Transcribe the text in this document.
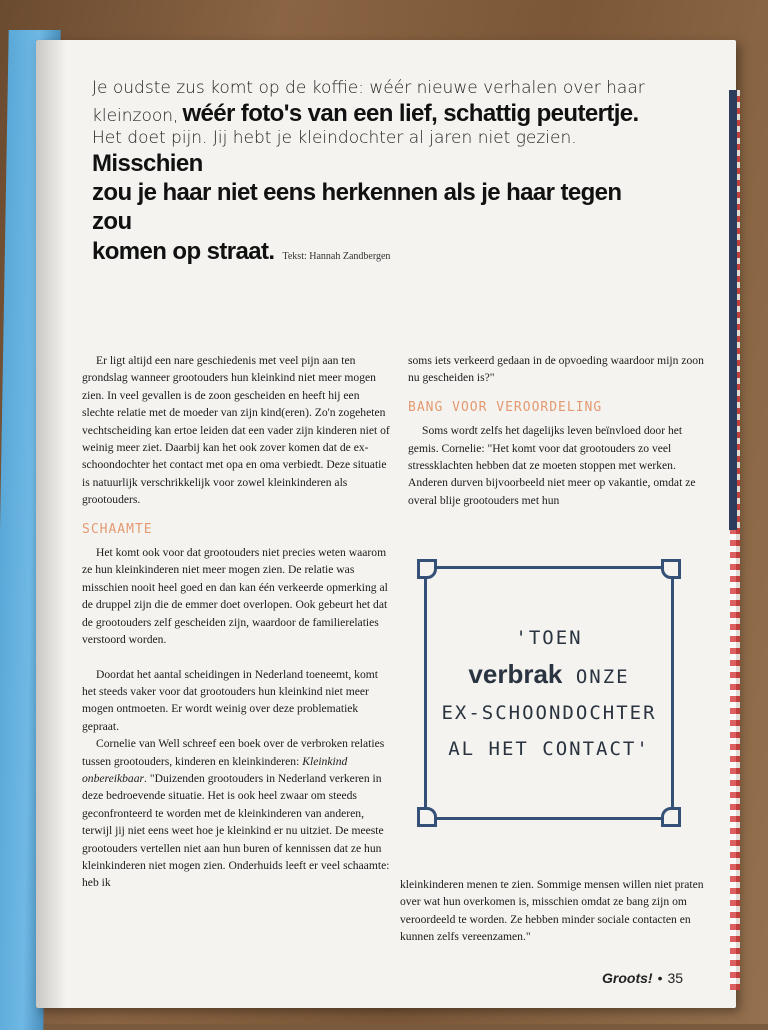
Je oudste zus komt op de koffie: wéér nieuwe verhalen over haar
kleinzoon, wéér foto's van een lief, schattig peutertje.
Het doet pijn. Jij hebt je kleindochter al jaren niet gezien. Misschien
zou je haar niet eens herkennen als je haar tegen zou
komen op straat. Tekst: Hannah Zandbergen

Er ligt altijd een nare geschiedenis met veel pijn aan ten grondslag wanneer grootouders hun kleinkind niet meer mogen zien. In veel gevallen is de zoon gescheiden en heeft hij een slechte relatie met de moeder van zijn kind(eren). Zo'n zogeheten vechtscheiding kan ertoe leiden dat een vader zijn kinderen niet of weinig meer ziet. Daarbij kan het ook zover komen dat de ex-schoondochter het contact met opa en oma verbiedt. Deze situatie is natuurlijk verschrikkelijk voor zowel kleinkinderen als grootouders.

SCHAAMTE

Het komt ook voor dat grootouders niet precies weten waarom ze hun kleinkinderen niet meer mogen zien. De relatie was misschien nooit heel goed en dan kan één verkeerde opmerking al de druppel zijn die de emmer doet overlopen. Ook gebeurt het dat de grootouders zelf gescheiden zijn, waardoor de familierelaties verstoord worden.

Doordat het aantal scheidingen in Nederland toeneemt, komt het steeds vaker voor dat grootouders hun kleinkind niet meer mogen ontmoeten. Er wordt weinig over deze problematiek gepraat.

Cornelie van Well schreef een boek over de verbroken relaties tussen grootouders, kinderen en kleinkinderen: Kleinkind onbereikbaar. "Duizenden grootouders in Nederland verkeren in deze bedroevende situatie. Het is ook heel zwaar om steeds geconfronteerd te worden met de kleinkinderen van anderen, terwijl jij niet eens weet hoe je kleinkind er nu uitziet. De meeste grootouders vertellen niet aan hun buren of kennissen dat ze hun kleinkinderen niet mogen zien. Onderhuids leeft er veel schaamte: heb ik

soms iets verkeerd gedaan in de opvoeding waardoor mijn zoon nu gescheiden is?"

BANG VOOR VEROORDELING

Soms wordt zelfs het dagelijks leven beïnvloed door het gemis. Cornelie: "Het komt voor dat grootouders zo veel stressklachten hebben dat ze moeten stoppen met werken. Anderen durven bijvoorbeeld niet meer op vakantie, omdat ze overal blije grootouders met hun

'TOEN
verbrak ONZE
EX-SCHOONDOCHTER
AL HET CONTACT'

kleinkinderen menen te zien. Sommige mensen willen niet praten over wat hun overkomen is, misschien omdat ze bang zijn om veroordeeld te worden. Ze hebben minder sociale contacten en kunnen zelfs vereenzamen."

Groots! • 35
